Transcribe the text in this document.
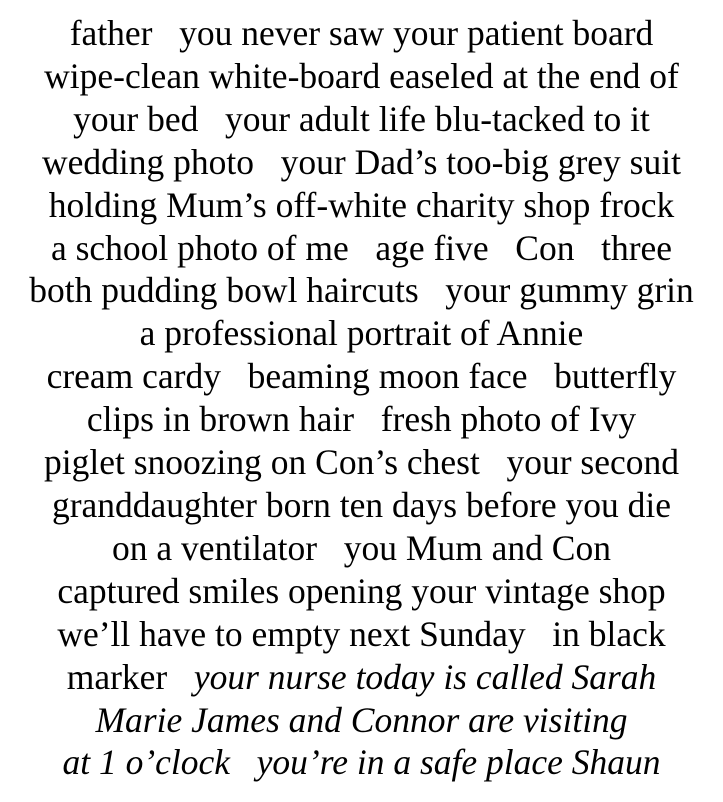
father   you never saw your patient board
wipe-clean white-board easeled at the end of
your bed   your adult life blu-tacked to it
wedding photo   your Dad’s too-big grey suit
holding Mum’s off-white charity shop frock
a school photo of me   age five   Con   three
both pudding bowl haircuts   your gummy grin
a professional portrait of Annie
cream cardy   beaming moon face   butterfly
clips in brown hair   fresh photo of Ivy
piglet snoozing on Con’s chest   your second
granddaughter born ten days before you die
on a ventilator   you Mum and Con
captured smiles opening your vintage shop
we’ll have to empty next Sunday   in black
marker   your nurse today is called Sarah
Marie James and Connor are visiting
at 1 o’clock   you’re in a safe place Shaun
